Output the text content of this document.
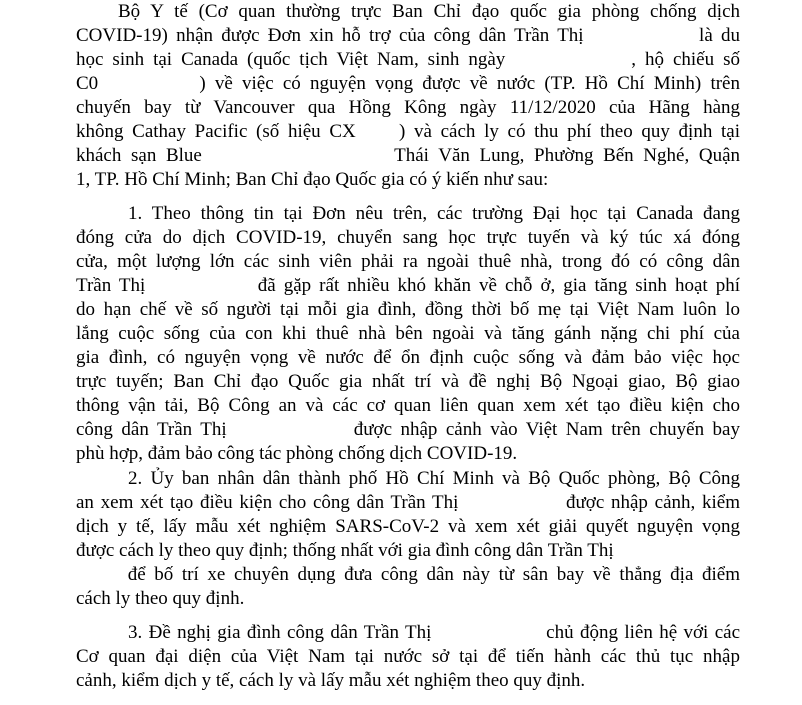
Bộ Y tế (Cơ quan thường trực Ban Chỉ đạo quốc gia phòng chống dịch
COVID-19) nhận được Đơn xin hỗ trợ của công dân Trần Thị              là du
học sinh tại Canada (quốc tịch Việt Nam, sinh ngày              , hộ chiếu số
C0           ) về việc có nguyện vọng được về nước (TP. Hồ Chí Minh) trên
chuyến bay từ Vancouver qua Hồng Kông ngày 11/12/2020 của Hãng hàng
không Cathay Pacific (số hiệu CX     ) và cách ly có thu phí theo quy định tại
khách sạn Blue                    Thái Văn Lung, Phường Bến Nghé, Quận
1, TP. Hồ Chí Minh; Ban Chỉ đạo Quốc gia có ý kiến như sau:
1. Theo thông tin tại Đơn nêu trên, các trường Đại học tại Canada đang
đóng cửa do dịch COVID-19, chuyển sang học trực tuyến và ký túc xá đóng
cửa, một lượng lớn các sinh viên phải ra ngoài thuê nhà, trong đó có công dân
Trần Thị              đã gặp rất nhiều khó khăn về chỗ ở, gia tăng sinh hoạt phí
do hạn chế về số người tại mỗi gia đình, đồng thời bố mẹ tại Việt Nam luôn lo
lắng cuộc sống của con khi thuê nhà bên ngoài và tăng gánh nặng chi phí của
gia đình, có nguyện vọng về nước để ổn định cuộc sống và đảm bảo việc học
trực tuyến; Ban Chỉ đạo Quốc gia nhất trí và đề nghị Bộ Ngoại giao, Bộ giao
thông vận tải, Bộ Công an và các cơ quan liên quan xem xét tạo điều kiện cho
công dân Trần Thị               được nhập cảnh vào Việt Nam trên chuyến bay
phù hợp, đảm bảo công tác phòng chống dịch COVID-19.
2. Ủy ban nhân dân thành phố Hồ Chí Minh và Bộ Quốc phòng, Bộ Công
an xem xét tạo điều kiện cho công dân Trần Thị                được nhập cảnh, kiểm
dịch y tế, lấy mẫu xét nghiệm SARS-CoV-2 và xem xét giải quyết nguyện vọng
được cách ly theo quy định; thống nhất với gia đình công dân Trần Thị
để bố trí xe chuyên dụng đưa công dân này từ sân bay về thẳng địa điểm
cách ly theo quy định.
3. Đề nghị gia đình công dân Trần Thị                  chủ động liên hệ với các
Cơ quan đại diện của Việt Nam tại nước sở tại để tiến hành các thủ tục nhập
cảnh, kiểm dịch y tế, cách ly và lấy mẫu xét nghiệm theo quy định.
